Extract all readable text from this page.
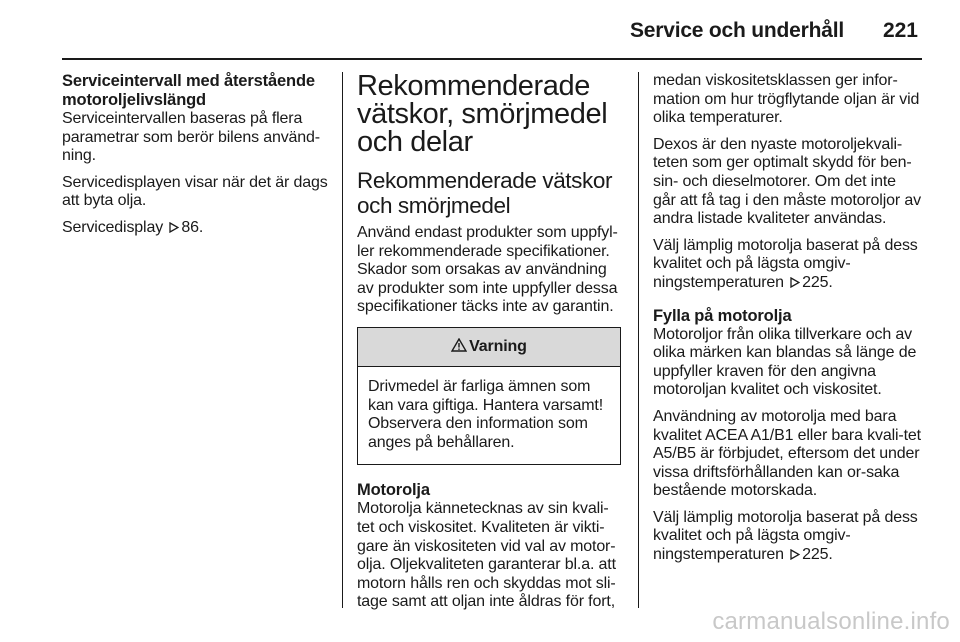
Service och underhåll 221
Serviceintervall med återstående motoroljelivslängd

Serviceintervallen baseras på flera parametrar som berör bilens använd-ning.

Servicedisplayen visar när det är dags att byta olja.

Servicedisplay 86.

Rekommenderade vätskor, smörjmedel och delar
Rekommenderade vätskor och smörjmedel

Använd endast produkter som uppfyl-ler rekommenderade specifikationer. Skador som orsakas av användning av produkter som inte uppfyller dessa specifikationer täcks inte av garantin.

Varning
Drivmedel är farliga ämnen som kan vara giftiga. Hantera varsamt! Observera den information som anges på behållaren.
Motorolja

Motorolja kännetecknas av sin kvali-tet och viskositet. Kvaliteten är vikti-gare än viskositeten vid val av motor-olja. Oljekvaliteten garanterar bl.a. att motorn hålls ren och skyddas mot sli-tage samt att oljan inte åldras för fort,

medan viskositetsklassen ger infor-mation om hur trögflytande oljan är vid olika temperaturer.

Dexos är den nyaste motoroljekvali-teten som ger optimalt skydd för ben-sin- och dieselmotorer. Om det inte går att få tag i den måste motoroljor av andra listade kvaliteter användas.

Välj lämplig motorolja baserat på dess kvalitet och på lägsta omgiv-ningstemperaturen 225.

Fylla på motorolja

Motoroljor från olika tillverkare och av olika märken kan blandas så länge de uppfyller kraven för den angivna motoroljan kvalitet och viskositet.

Användning av motorolja med bara kvalitet ACEA A1/B1 eller bara kvali-tet A5/B5 är förbjudet, eftersom det under vissa driftsförhållanden kan or-saka bestående motorskada.

Välj lämplig motorolja baserat på dess kvalitet och på lägsta omgiv-ningstemperaturen 225.

carmanualsonline.info
